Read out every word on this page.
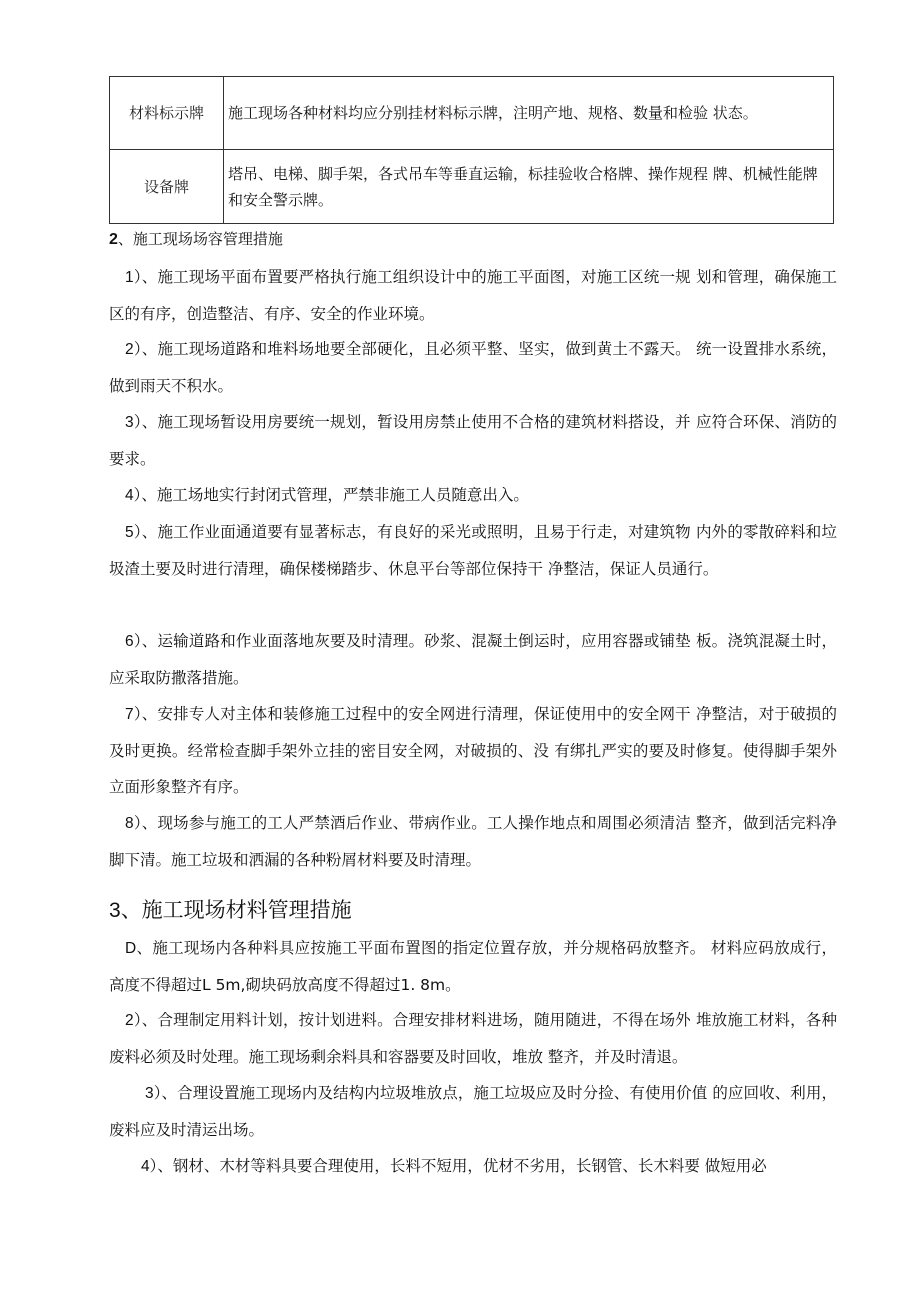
材料标示牌	施工现场各种材料均应分别挂材料标示牌，注明产地、规格、数量和检验 状态。
设备牌	塔吊、电梯、脚手架，各式吊车等垂直运输，标挂验收合格牌、操作规程 牌、机械性能牌和安全警示牌。
2、施工现场场容管理措施

1）、施工现场平面布置要严格执行施工组织设计中的施工平面图，对施工区统一规 划和管理，确保施工区的有序，创造整洁、有序、安全的作业环境。

2）、施工现场道路和堆料场地要全部硬化，且必须平整、坚实，做到黄土不露天。 统一设置排水系统，做到雨天不积水。

3）、施工现场暂设用房要统一规划，暂设用房禁止使用不合格的建筑材料搭设，并 应符合环保、消防的要求。

4）、施工场地实行封闭式管理，严禁非施工人员随意出入。

5）、施工作业面通道要有显著标志，有良好的采光或照明，且易于行走，对建筑物 内外的零散碎料和垃圾渣土要及时进行清理，确保楼梯踏步、休息平台等部位保持干 净整洁，保证人员通行。

6）、运输道路和作业面落地灰要及时清理。砂浆、混凝土倒运时，应用容器或铺垫 板。浇筑混凝土时，应采取防撒落措施。

7）、安排专人对主体和装修施工过程中的安全网进行清理，保证使用中的安全网干 净整洁，对于破损的及时更换。经常检查脚手架外立挂的密目安全网，对破损的、没 有绑扎严实的要及时修复。使得脚手架外立面形象整齐有序。

8）、现场参与施工的工人严禁酒后作业、带病作业。工人操作地点和周围必须清洁 整齐，做到活完料净脚下清。施工垃圾和洒漏的各种粉屑材料要及时清理。

3、施工现场材料管理措施

D、施工现场内各种料具应按施工平面布置图的指定位置存放，并分规格码放整齐。 材料应码放成行，高度不得超过L 5m,砌块码放高度不得超过1. 8m。

2）、合理制定用料计划，按计划进料。合理安排材料进场，随用随进，不得在场外 堆放施工材料，各种废料必须及时处理。施工现场剩余料具和容器要及时回收，堆放 整齐，并及时清退。

3）、合理设置施工现场内及结构内垃圾堆放点，施工垃圾应及时分捡、有使用价值 的应回收、利用，废料应及时清运出场。

4）、钢材、木材等料具要合理使用，长料不短用，优材不劣用，长钢管、长木料要 做短用必
